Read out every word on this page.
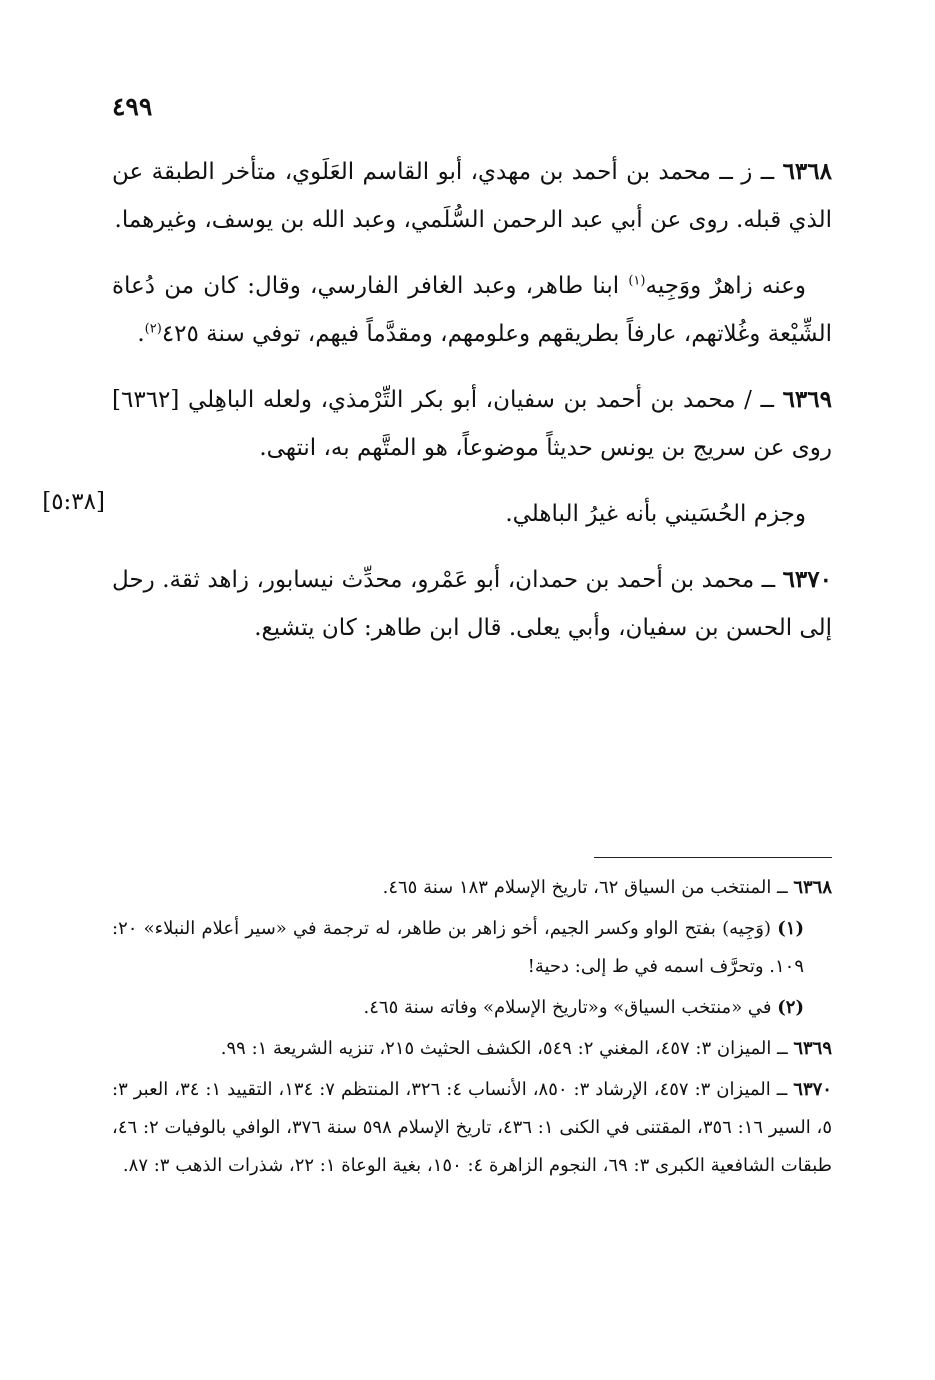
٤٩٩

٦٣٦٨ ــ ز ــ محمد بن أحمد بن مهدي، أبو القاسم العَلَوي، متأخر الطبقة عن الذي قبله. روى عن أبي عبد الرحمن السُّلَمي، وعبد الله بن يوسف، وغيرهما.

وعنه زاهرٌ ووَجِيه$^{(١)}$ ابنا طاهر، وعبد الغافر الفارسي، وقال: كان من دُعاة الشِّيْعة وغُلاتهم، عارفاً بطريقهم وعلومهم، ومقدَّماً فيهم، توفي سنة ٤٢٥$^{(٢)}$.

٦٣٦٩ ــ / محمد بن أحمد بن سفيان، أبو بكر التِّرْمذي، ولعله الباهِلي [٦٣٦٢] روى عن سريج بن يونس حديثاً موضوعاً، هو المتَّهم به، انتهى.

وجزم الحُسَيني بأنه غيرُ الباهلي.

٦٣٧٠ ــ محمد بن أحمد بن حمدان، أبو عَمْرو، محدِّث نيسابور، زاهد ثقة. رحل إلى الحسن بن سفيان، وأبي يعلى. قال ابن طاهر: كان يتشيع.

[٥:٣٨]

٦٣٦٨ ــ المنتخب من السياق ٦٢، تاريخ الإسلام ١٨٣ سنة ٤٦٥.

(١) (وَجِيه) بفتح الواو وكسر الجيم، أخو زاهر بن طاهر، له ترجمة في «سير أعلام النبلاء» ٢٠: ١٠٩. وتحرَّف اسمه في ط إلى: دحية!

(٢) في «منتخب السياق» و«تاريخ الإسلام» وفاته سنة ٤٦٥.

٦٣٦٩ ــ الميزان ٣: ٤٥٧، المغني ٢: ٥٤٩، الكشف الحثيث ٢١٥، تنزيه الشريعة ١: ٩٩.

٦٣٧٠ ــ الميزان ٣: ٤٥٧، الإرشاد ٣: ٨٥٠، الأنساب ٤: ٣٢٦، المنتظم ٧: ١٣٤، التقييد ١: ٣٤، العبر ٣: ٥، السير ١٦: ٣٥٦، المقتنى في الكنى ١: ٤٣٦، تاريخ الإسلام ٥٩٨ سنة ٣٧٦، الوافي بالوفيات ٢: ٤٦، طبقات الشافعية الكبرى ٣: ٦٩، النجوم الزاهرة ٤: ١٥٠، بغية الوعاة ١: ٢٢، شذرات الذهب ٣: ٨٧.
